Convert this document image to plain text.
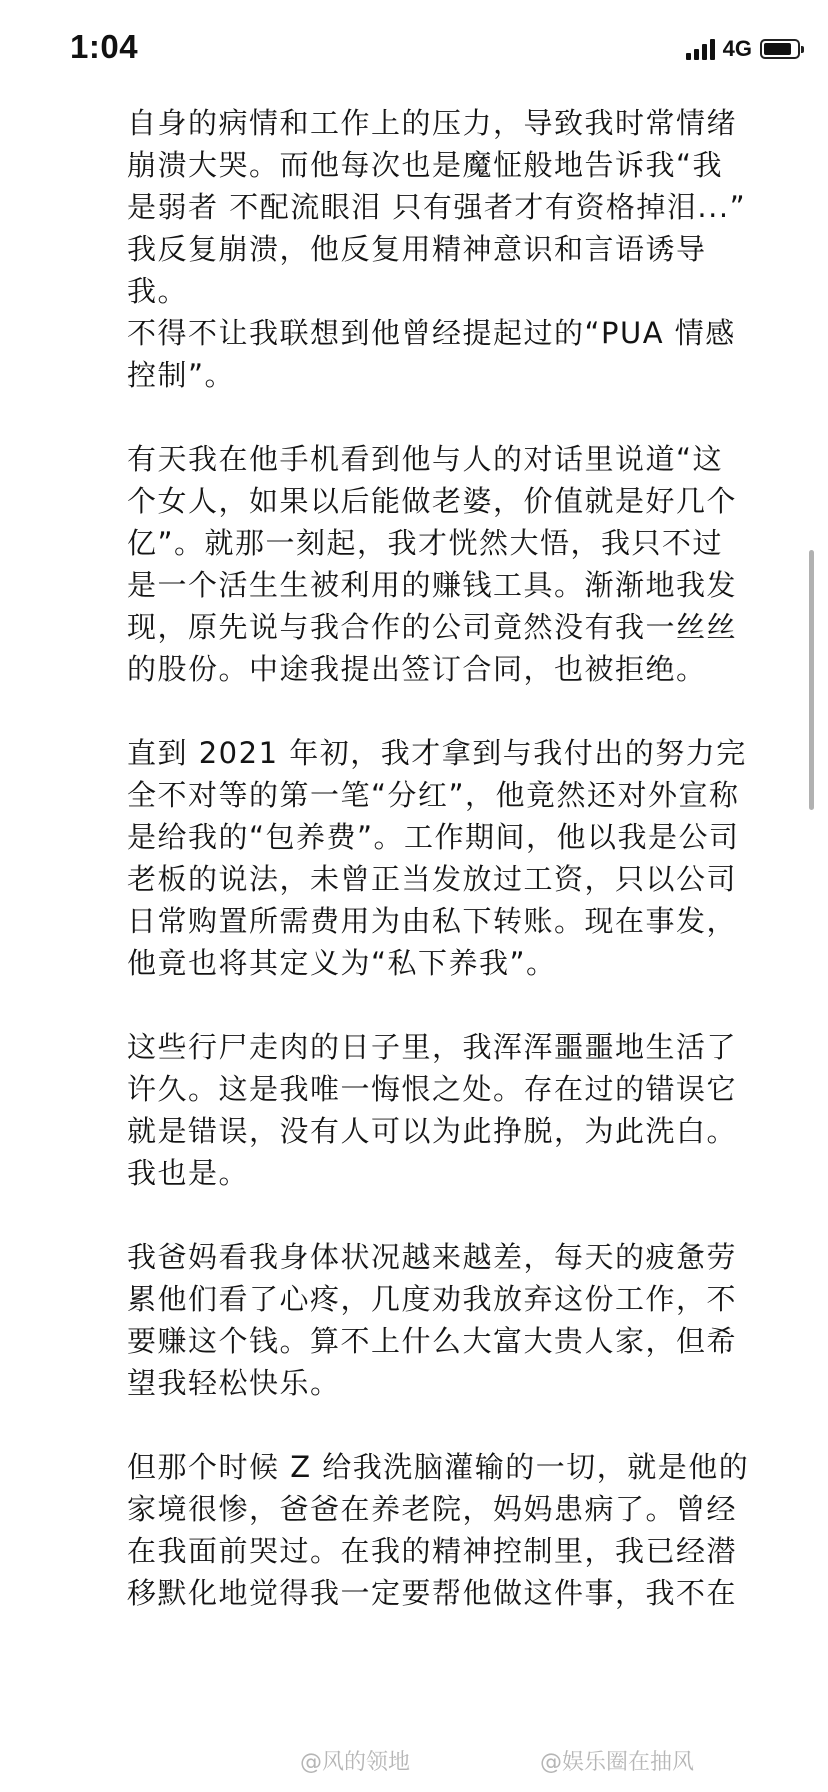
1:04	4G
自身的病情和工作上的压力，导致我时常情绪
崩溃大哭。而他每次也是魔怔般地告诉我“我
是弱者 不配流眼泪 只有强者才有资格掉泪...”
我反复崩溃，他反复用精神意识和言语诱导
我。
不得不让我联想到他曾经提起过的“PUA 情感
控制”。
有天我在他手机看到他与人的对话里说道“这
个女人，如果以后能做老婆，价值就是好几个
亿”。就那一刻起，我才恍然大悟，我只不过
是一个活生生被利用的赚钱工具。渐渐地我发
现，原先说与我合作的公司竟然没有我一丝丝
的股份。中途我提出签订合同，也被拒绝。
直到 2021 年初，我才拿到与我付出的努力完
全不对等的第一笔“分红”，他竟然还对外宣称
是给我的“包养费”。工作期间，他以我是公司
老板的说法，未曾正当发放过工资，只以公司
日常购置所需费用为由私下转账。现在事发，
他竟也将其定义为“私下养我”。
这些行尸走肉的日子里，我浑浑噩噩地生活了
许久。这是我唯一悔恨之处。存在过的错误它
就是错误，没有人可以为此挣脱，为此洗白。
我也是。
我爸妈看我身体状况越来越差，每天的疲惫劳
累他们看了心疼，几度劝我放弃这份工作，不
要赚这个钱。算不上什么大富大贵人家，但希
望我轻松快乐。
但那个时候 Z 给我洗脑灌输的一切，就是他的
家境很惨，爸爸在养老院，妈妈患病了。曾经
在我面前哭过。在我的精神控制里，我已经潜
移默化地觉得我一定要帮他做这件事，我不在
@风的领地	@娱乐圈在抽风
